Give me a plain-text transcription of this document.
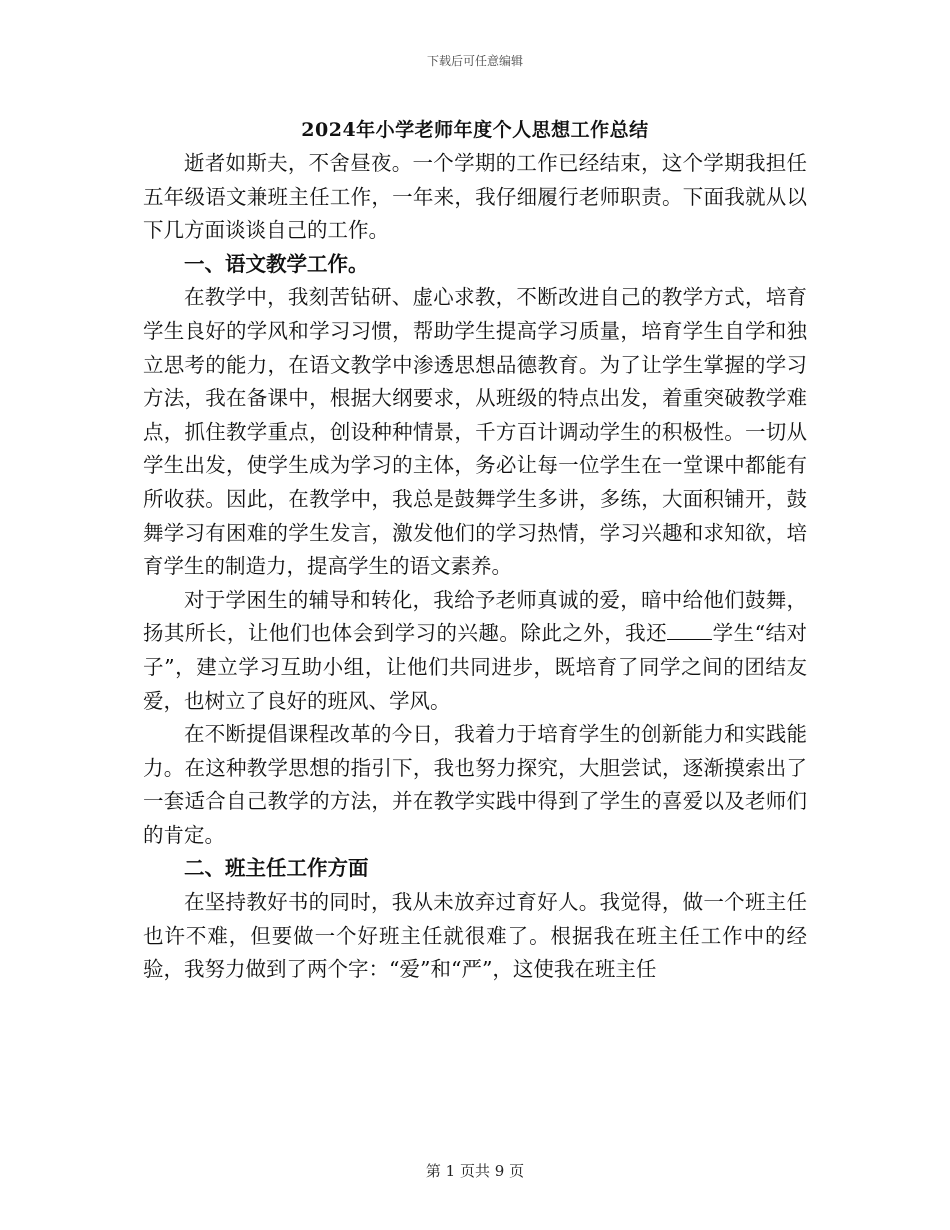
下载后可任意编辑
2024年小学老师年度个人思想工作总结

逝者如斯夫，不舍昼夜。一个学期的工作已经结束，这个学期我担任五年级语文兼班主任工作，一年来，我仔细履行老师职责。下面我就从以下几方面谈谈自己的工作。

一、语文教学工作。

在教学中，我刻苦钻研、虚心求教，不断改进自己的教学方式，培育学生良好的学风和学习习惯，帮助学生提高学习质量，培育学生自学和独立思考的能力，在语文教学中渗透思想品德教育。为了让学生掌握的学习方法，我在备课中，根据大纲要求，从班级的特点出发，着重突破教学难点，抓住教学重点，创设种种情景，千方百计调动学生的积极性。一切从学生出发，使学生成为学习的主体，务必让每一位学生在一堂课中都能有所收获。因此，在教学中，我总是鼓舞学生多讲，多练，大面积铺开，鼓舞学习有困难的学生发言，激发他们的学习热情，学习兴趣和求知欲，培育学生的制造力，提高学生的语文素养。

对于学困生的辅导和转化，我给予老师真诚的爱，暗中给他们鼓舞，扬其所长，让他们也体会到学习的兴趣。除此之外，我还 学生“结对子”，建立学习互助小组，让他们共同进步，既培育了同学之间的团结友爱，也树立了良好的班风、学风。

在不断提倡课程改革的今日，我着力于培育学生的创新能力和实践能力。在这种教学思想的指引下，我也努力探究，大胆尝试，逐渐摸索出了一套适合自己教学的方法，并在教学实践中得到了学生的喜爱以及老师们的肯定。

二、班主任工作方面

在坚持教好书的同时，我从未放弃过育好人。我觉得，做一个班主任也许不难，但要做一个好班主任就很难了。根据我在班主任工作中的经验，我努力做到了两个字：“爱”和“严”，这使我在班主任

第 1 页共 9 页
